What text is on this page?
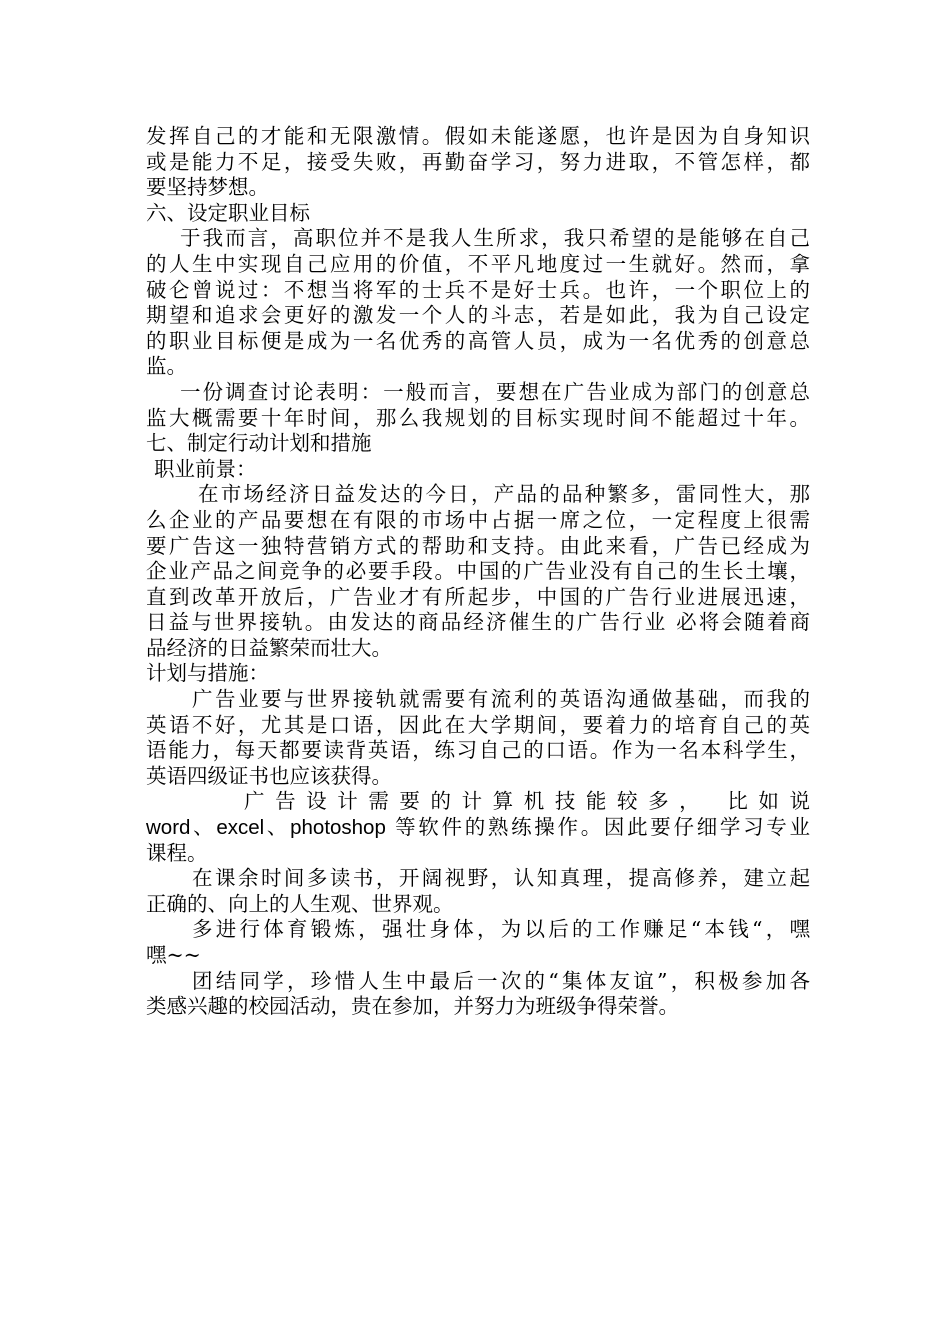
发挥自己的才能和无限激情。假如未能遂愿，也许是因为自身知识
或是能力不足，接受失败，再勤奋学习，努力进取，不管怎样，都
要坚持梦想。
六、设定职业目标
于我而言，高职位并不是我人生所求，我只希望的是能够在自己
的人生中实现自己应用的价值，不平凡地度过一生就好。然而，拿
破仑曾说过：不想当将军的士兵不是好士兵。也许，一个职位上的
期望和追求会更好的激发一个人的斗志，若是如此，我为自己设定
的职业目标便是成为一名优秀的高管人员，成为一名优秀的创意总
监。
一份调查讨论表明：一般而言，要想在广告业成为部门的创意总
监大概需要十年时间，那么我规划的目标实现时间不能超过十年。
七、制定行动计划和措施
职业前景：
在市场经济日益发达的今日，产品的品种繁多，雷同性大，那
么企业的产品要想在有限的市场中占据一席之位，一定程度上很需
要广告这一独特营销方式的帮助和支持。由此来看，广告已经成为
企业产品之间竞争的必要手段。中国的广告业没有自己的生长土壤，
直到改革开放后，广告业才有所起步，中国的广告行业进展迅速，
日益与世界接轨。由发达的商品经济催生的广告行业 必将会随着商
品经济的日益繁荣而壮大。
计划与措施：
广告业要与世界接轨就需要有流利的英语沟通做基础，而我的
英语不好，尤其是口语，因此在大学期间，要着力的培育自己的英
语能力，每天都要读背英语，练习自己的口语。作为一名本科学生，
英语四级证书也应该获得。
广告设计需要的计算机技能较多， 比如说
word、excel、photoshop 等软件的熟练操作。因此要仔细学习专业
课程。
在课余时间多读书，开阔视野，认知真理，提高修养，建立起
正确的、向上的人生观、世界观。
多进行体育锻炼，强壮身体，为以后的工作赚足“本钱“，嘿
嘿~~
团结同学，珍惜人生中最后一次的“集体友谊”，积极参加各
类感兴趣的校园活动，贵在参加，并努力为班级争得荣誉。
